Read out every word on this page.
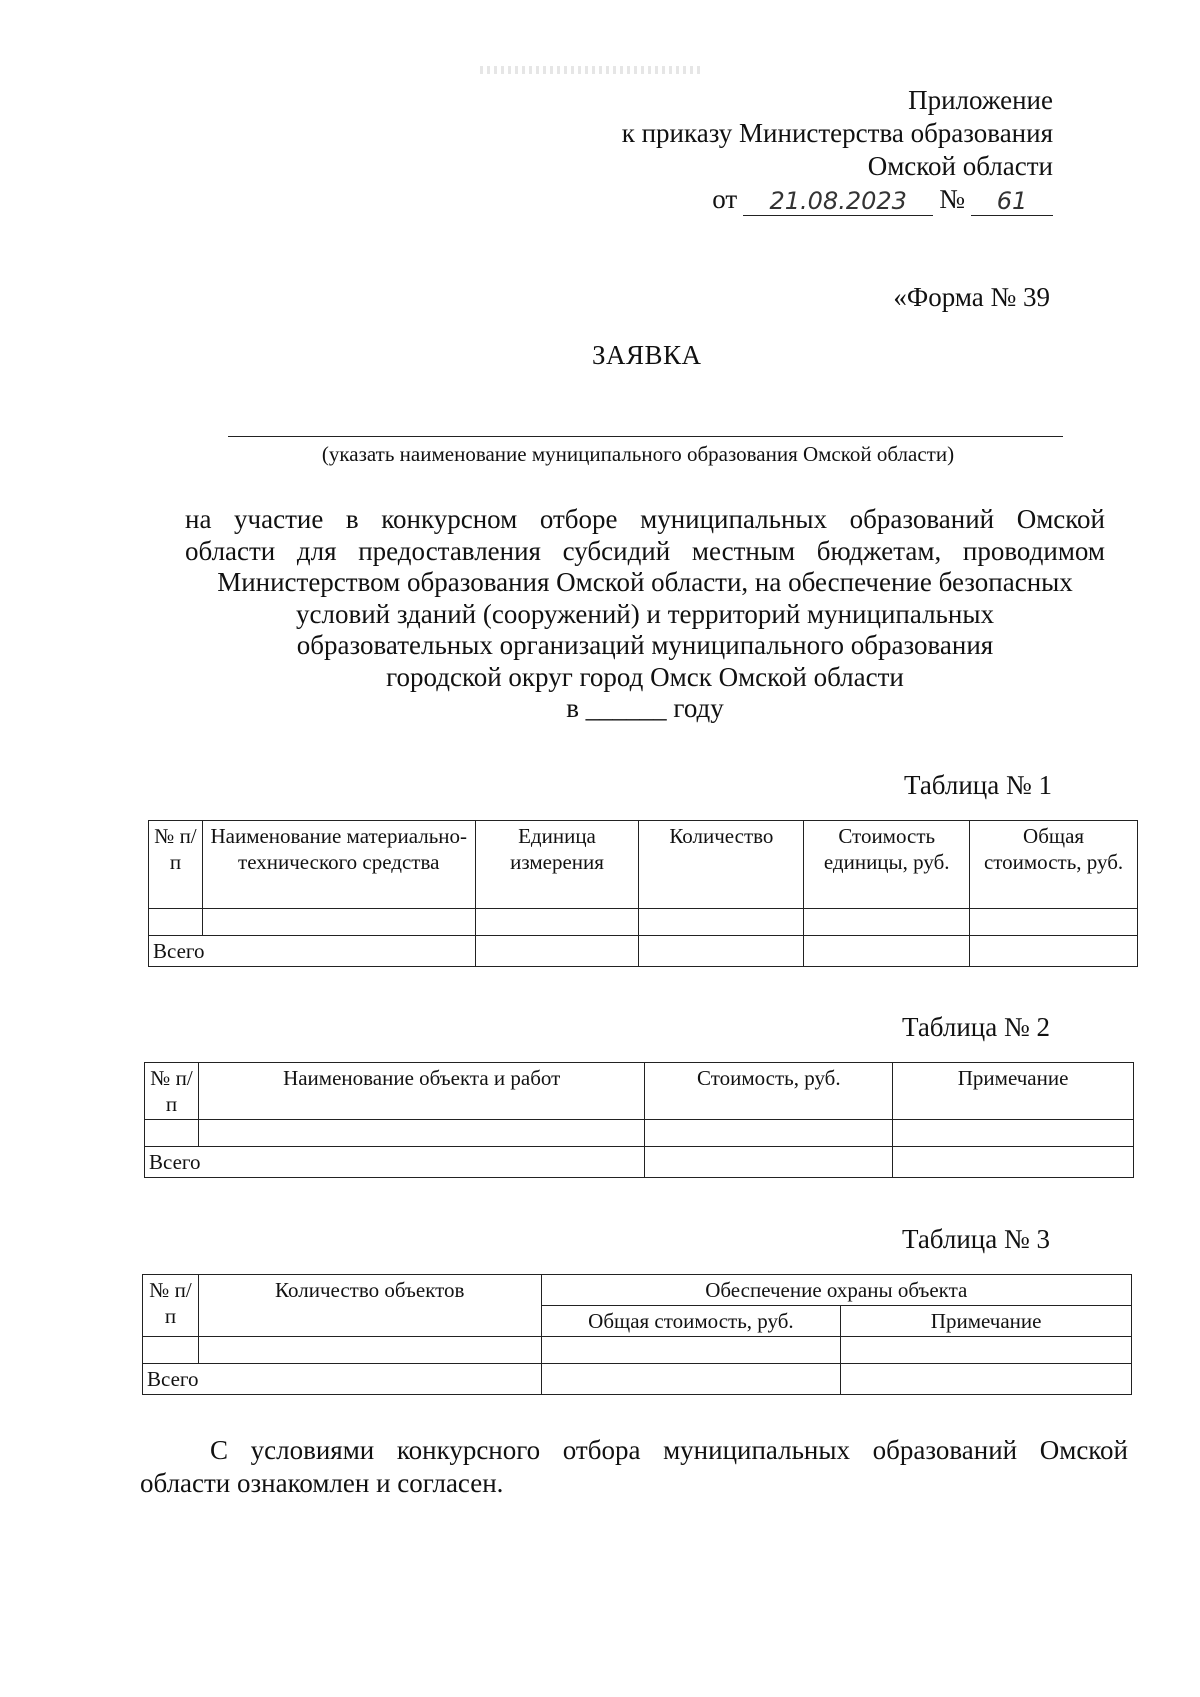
Приложение
к приказу Министерства образования
Омской области
от	21.08.2023	№	61
«Форма № 39
ЗАЯВКА
(указать наименование муниципального образования Омской области)
на участие в конкурсном отборе муниципальных образований Омской
области для предоставления субсидий местным бюджетам, проводимом
Министерством образования Омской области, на обеспечение безопасных
условий зданий (сооружений) и территорий муниципальных
образовательных организаций муниципального образования
городской округ город Омск Омской области
в ______ году
Таблица № 1
№ п/п	Наименование материально-технического средства	Единица измерения	Количество	Стоимость единицы, руб.	Общая стоимость, руб.

Всего					
Таблица № 2
№ п/п	Наименование объекта и работ	Стоимость, руб.	Примечание

Всего			
Таблица № 3
№ п/п	Количество объектов	Обеспечение охраны объекта	
		Общая стоимость, руб.	Примечание

Всего			

С условиями конкурсного отбора муниципальных образований Омской области ознакомлен и согласен.
